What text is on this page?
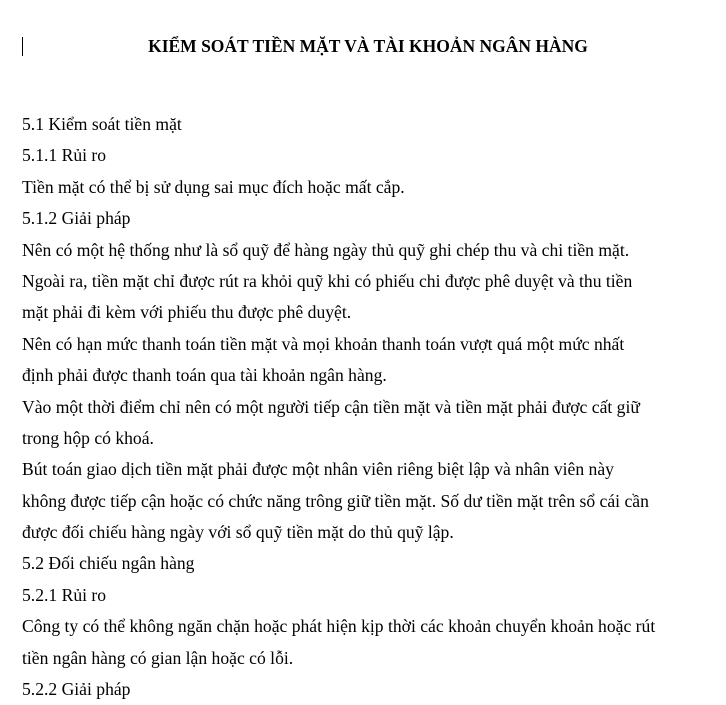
KIỂM SOÁT TIỀN MẶT VÀ TÀI KHOẢN NGÂN HÀNG
5.1 Kiểm soát tiền mặt
5.1.1 Rủi ro
Tiền mặt có thể bị sử dụng sai mục đích hoặc mất cắp.
5.1.2 Giải pháp
Nên có một hệ thống như là sổ quỹ để hàng ngày thủ quỹ ghi chép thu và chi tiền mặt.
Ngoài ra, tiền mặt chỉ được rút ra khỏi quỹ khi có phiếu chi được phê duyệt và thu tiền
mặt phải đi kèm với phiếu thu được phê duyệt.
Nên có hạn mức thanh toán tiền mặt và mọi khoản thanh toán vượt quá một mức nhất
định phải được thanh toán qua tài khoản ngân hàng.
Vào một thời điểm chỉ nên có một người tiếp cận tiền mặt và tiền mặt phải được cất giữ
trong hộp có khoá.
Bút toán giao dịch tiền mặt phải được một nhân viên riêng biệt lập và nhân viên này
không được tiếp cận hoặc có chức năng trông giữ tiền mặt. Số dư tiền mặt trên sổ cái cần
được đối chiếu hàng ngày với sổ quỹ tiền mặt do thủ quỹ lập.
5.2 Đối chiếu ngân hàng
5.2.1 Rủi ro
Công ty có thể không ngăn chặn hoặc phát hiện kịp thời các khoản chuyển khoản hoặc rút
tiền ngân hàng có gian lận hoặc có lỗi.
5.2.2 Giải pháp
